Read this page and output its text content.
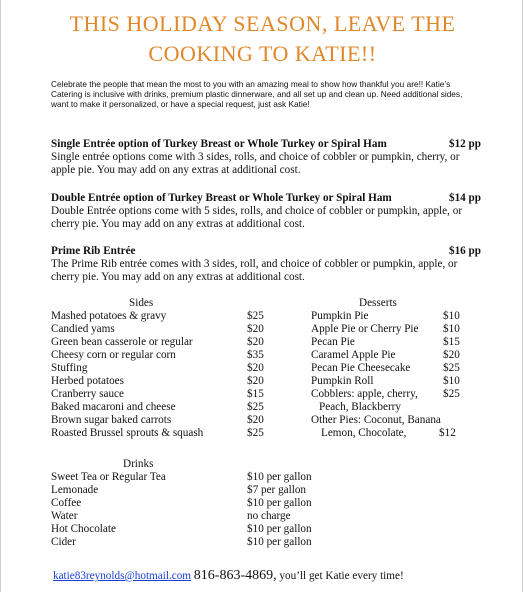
THIS HOLIDAY SEASON, LEAVE THE
COOKING TO KATIE!!
Celebrate the people that mean the most to you with an amazing meal to show how thankful you are!! Katie’s Catering is inclusive with drinks, premium plastic dinnerware, and all set up and clean up. Need additional sides, want to make it personalized, or have a special request, just ask Katie!
Single Entrée option of Turkey Breast or Whole Turkey or Spiral Ham	$12 pp
Single entrée options come with 3 sides, rolls, and choice of cobbler or pumpkin, cherry, or apple pie. You may add on any extras at additional cost.
Double Entrée option of Turkey Breast or Whole Turkey or Spiral Ham	$14 pp
Double Entrée options come with 5 sides, rolls, and choice of cobbler or pumpkin, apple, or cherry pie. You may add on any extras at additional cost.
Prime Rib Entrée	$16 pp
The Prime Rib entrée comes with 3 sides, roll, and choice of cobbler or pumpkin, apple, or cherry pie. You may add on any extras at additional cost.
Sides
Mashed potatoes & gravy	$25
Candied yams	$20
Green bean casserole or regular	$20
Cheesy corn or regular corn	$35
Stuffing	$20
Herbed potatoes	$20
Cranberry sauce	$15
Baked macaroni and cheese	$25
Brown sugar baked carrots	$20
Roasted Brussel sprouts & squash	$25
Desserts
Pumpkin Pie	$10
Apple Pie or Cherry Pie $10
Pecan Pie	$15
Caramel Apple Pie	$20
Pecan Pie Cheesecake	$25
Pumpkin Roll	$10
Cobblers: apple, cherry, $25
Peach, Blackberry
Other Pies: Coconut, Banana
Lemon, Chocolate,	$12
Drinks
Sweet Tea or Regular Tea	$10 per gallon
Lemonade	$7 per gallon
Coffee	$10 per gallon
Water	no charge
Hot Chocolate	$10 per gallon
Cider	$10 per gallon
katie83reynolds@hotmail.com 816-863-4869, you’ll get Katie every time!
